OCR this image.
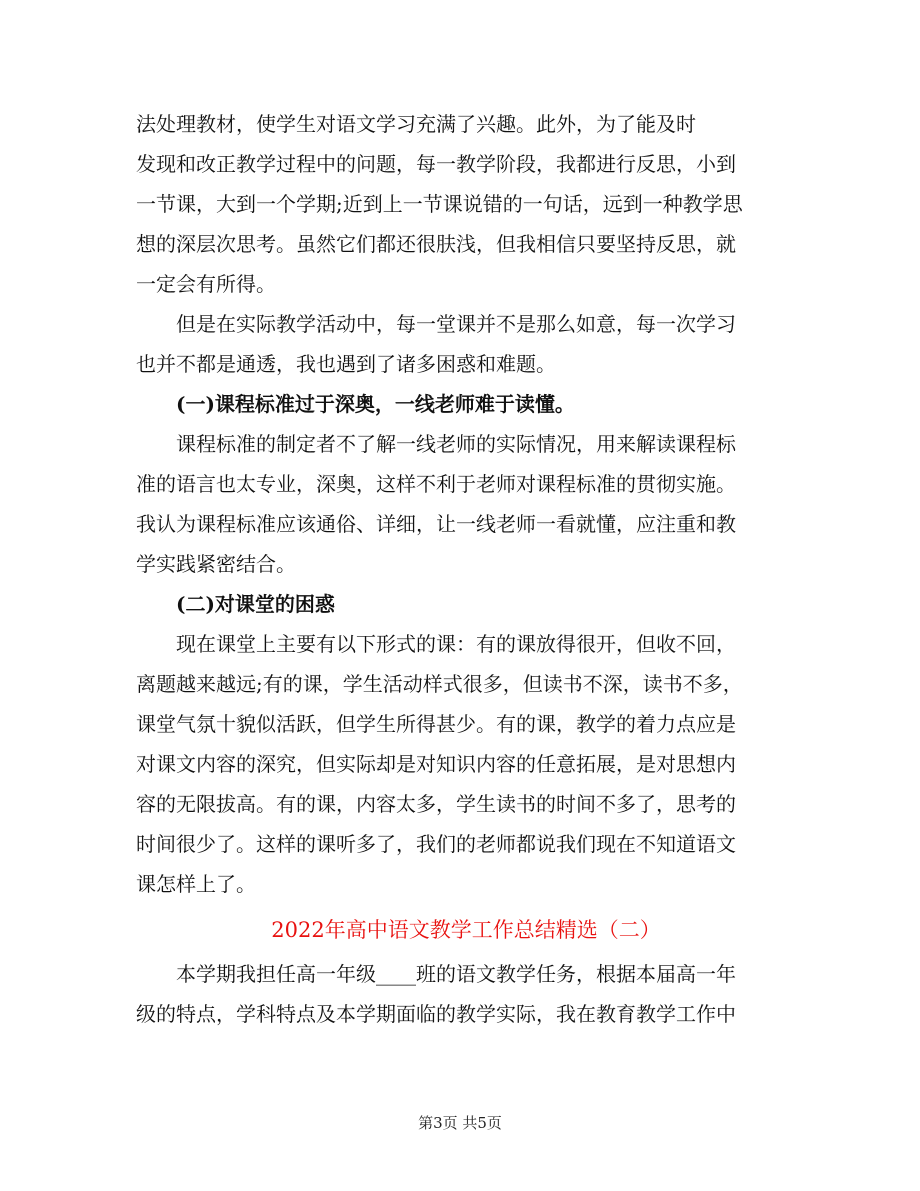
法处理教材，使学生对语文学习充满了兴趣。此外，为了能及时
发现和改正教学过程中的问题，每一教学阶段，我都进行反思，小到
一节课，大到一个学期;近到上一节课说错的一句话，远到一种教学思
想的深层次思考。虽然它们都还很肤浅，但我相信只要坚持反思，就
一定会有所得。
但是在实际教学活动中，每一堂课并不是那么如意，每一次学习
也并不都是通透，我也遇到了诸多困惑和难题。
(一)课程标准过于深奥，一线老师难于读懂。
课程标准的制定者不了解一线老师的实际情况，用来解读课程标
准的语言也太专业，深奥，这样不利于老师对课程标准的贯彻实施。
我认为课程标准应该通俗、详细，让一线老师一看就懂，应注重和教
学实践紧密结合。
(二)对课堂的困惑
现在课堂上主要有以下形式的课：有的课放得很开，但收不回，
离题越来越远;有的课，学生活动样式很多，但读书不深，读书不多，
课堂气氛十貌似活跃，但学生所得甚少。有的课，教学的着力点应是
对课文内容的深究，但实际却是对知识内容的任意拓展，是对思想内
容的无限拔高。有的课，内容太多，学生读书的时间不多了，思考的
时间很少了。这样的课听多了，我们的老师都说我们现在不知道语文
课怎样上了。
2022年高中语文教学工作总结精选（二）
本学期我担任高一年级____班的语文教学任务，根据本届高一年
级的特点，学科特点及本学期面临的教学实际，我在教育教学工作中
第3页 共5页
